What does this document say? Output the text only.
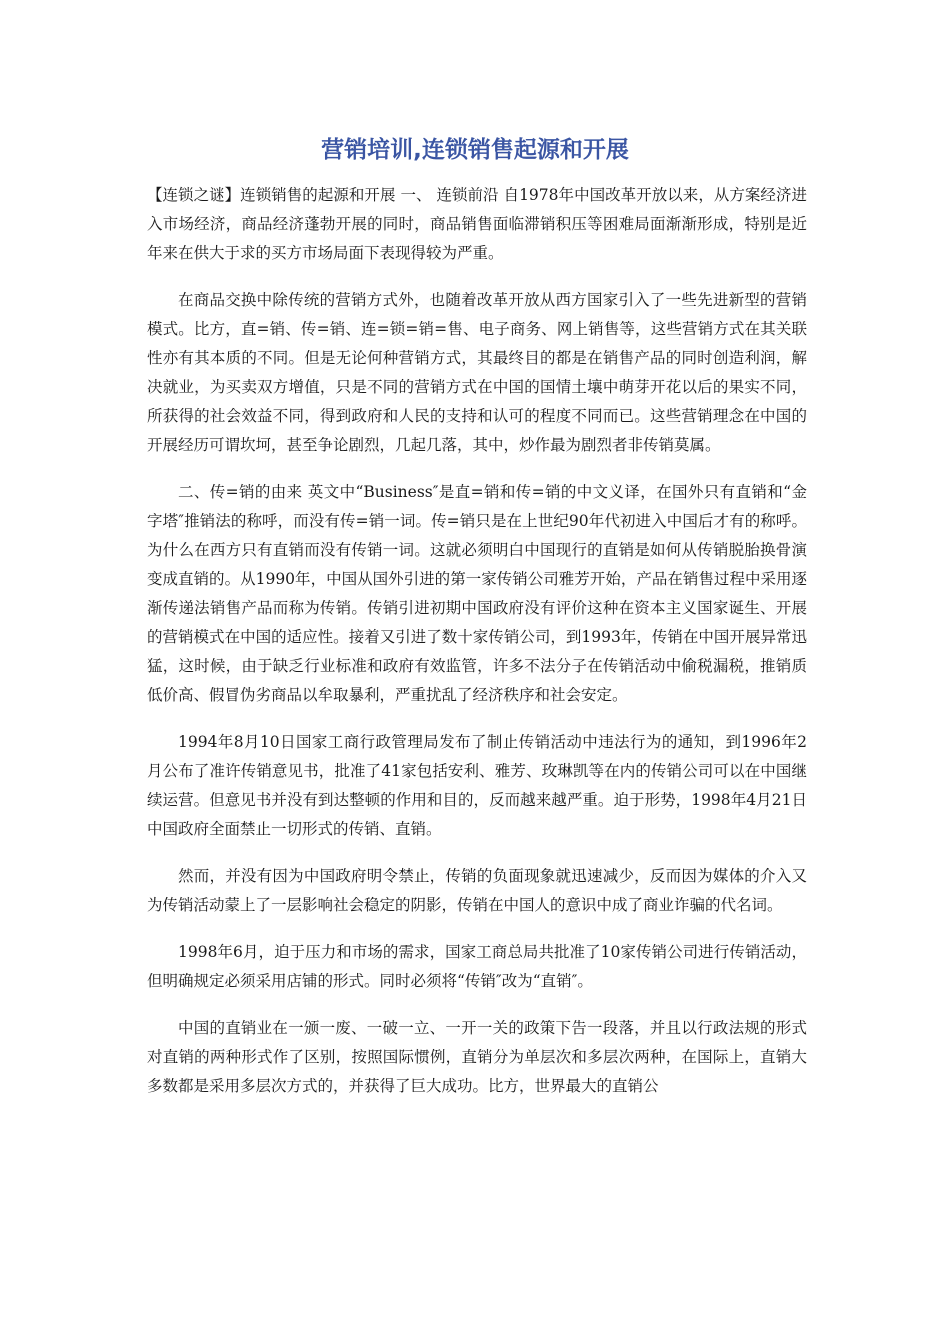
营销培训,连锁销售起源和开展

【连锁之谜】连锁销售的起源和开展 一、 连锁前沿 自1978年中国改革开放以来，从方案经济进入市场经济，商品经济蓬勃开展的同时，商品销售面临滞销积压等困难局面渐渐形成，特别是近年来在供大于求的买方市场局面下表现得较为严重。

在商品交换中除传统的营销方式外，也随着改革开放从西方国家引入了一些先进新型的营销模式。比方，直=销、传=销、连=锁=销=售、电子商务、网上销售等，这些营销方式在其关联性亦有其本质的不同。但是无论何种营销方式，其最终目的都是在销售产品的同时创造利润，解决就业，为买卖双方增值，只是不同的营销方式在中国的国情土壤中萌芽开花以后的果实不同，所获得的社会效益不同，得到政府和人民的支持和认可的程度不同而已。这些营销理念在中国的开展经历可谓坎坷，甚至争论剧烈，几起几落，其中，炒作最为剧烈者非传销莫属。

二、传=销的由来 英文中“Business″是直=销和传=销的中文义译，在国外只有直销和“金字塔″推销法的称呼，而没有传=销一词。传=销只是在上世纪90年代初进入中国后才有的称呼。为什么在西方只有直销而没有传销一词。这就必须明白中国现行的直销是如何从传销脱胎换骨演变成直销的。从1990年，中国从国外引进的第一家传销公司雅芳开始，产品在销售过程中采用逐渐传递法销售产品而称为传销。传销引进初期中国政府没有评价这种在资本主义国家诞生、开展的营销模式在中国的适应性。接着又引进了数十家传销公司，到1993年，传销在中国开展异常迅猛，这时候，由于缺乏行业标准和政府有效监管，许多不法分子在传销活动中偷税漏税，推销质低价高、假冒伪劣商品以牟取暴利，严重扰乱了经济秩序和社会安定。

1994年8月10日国家工商行政管理局发布了制止传销活动中违法行为的通知，到1996年2月公布了准许传销意见书，批准了41家包括安利、雅芳、玫琳凯等在内的传销公司可以在中国继续运营。但意见书并没有到达整顿的作用和目的，反而越来越严重。迫于形势，1998年4月21日中国政府全面禁止一切形式的传销、直销。

然而，并没有因为中国政府明令禁止，传销的负面现象就迅速减少，反而因为媒体的介入又为传销活动蒙上了一层影响社会稳定的阴影，传销在中国人的意识中成了商业诈骗的代名词。

1998年6月，迫于压力和市场的需求，国家工商总局共批准了10家传销公司进行传销活动，但明确规定必须采用店铺的形式。同时必须将“传销″改为“直销″。

中国的直销业在一颁一废、一破一立、一开一关的政策下告一段落，并且以行政法规的形式对直销的两种形式作了区别，按照国际惯例，直销分为单层次和多层次两种，在国际上，直销大多数都是采用多层次方式的，并获得了巨大成功。比方，世界最大的直销公
